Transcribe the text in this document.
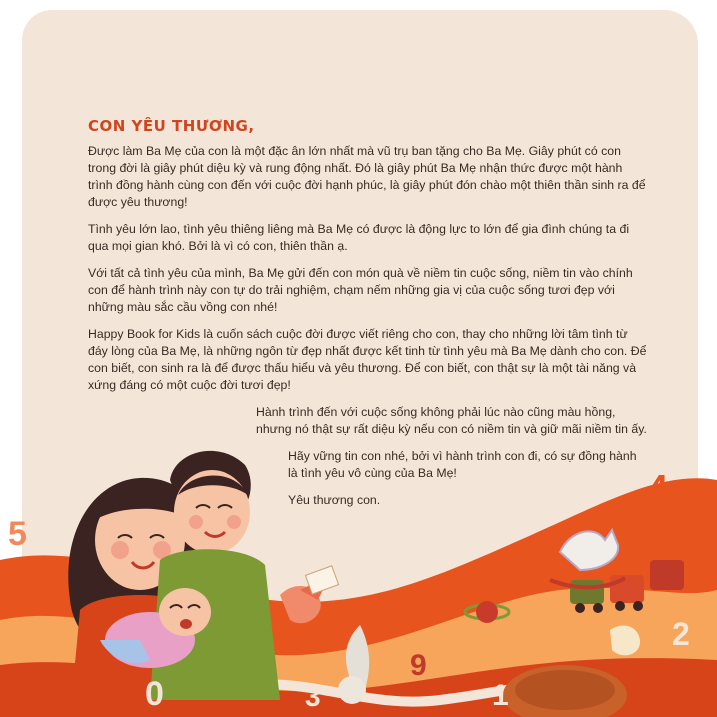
CON YÊU THƯƠNG,

Được làm Ba Mẹ của con là một đặc ân lớn nhất mà vũ trụ ban tặng cho Ba Mẹ. Giây phút có con trong đời là giây phút diệu kỳ và rung động nhất. Đó là giây phút Ba Mẹ nhận thức được một hành trình đồng hành cùng con đến với cuộc đời hạnh phúc, là giây phút đón chào một thiên thần sinh ra để được yêu thương!

Tình yêu lớn lao, tình yêu thiêng liêng mà Ba Mẹ có được là động lực to lớn để gia đình chúng ta đi qua mọi gian khó. Bởi là vì có con, thiên thần ạ.

Với tất cả tình yêu của mình, Ba Mẹ gửi đến con món quà về niềm tin cuộc sống, niềm tin vào chính con để hành trình này con tự do trải nghiệm, chạm nếm những gia vị của cuộc sống tươi đẹp với những màu sắc cầu vồng con nhé!

Happy Book for Kids là cuốn sách cuộc đời được viết riêng cho con, thay cho những lời tâm tình từ đáy lòng của Ba Mẹ, là những ngôn từ đẹp nhất được kết tinh từ tình yêu mà Ba Mẹ dành cho con. Để con biết, con sinh ra là để được thấu hiểu và yêu thương. Để con biết, con thật sự là một tài năng và xứng đáng có một cuộc đời tươi đẹp!

Hành trình đến với cuộc sống không phải lúc nào cũng màu hồng, nhưng nó thật sự rất diệu kỳ nếu con có niềm tin và giữ mãi niềm tin ấy.

Hãy vững tin con nhé, bởi vì hành trình con đi, có sự đồng hành là tình yêu vô cùng của Ba Mẹ!

Yêu thương con.

5
4
0	3
9
1
2
